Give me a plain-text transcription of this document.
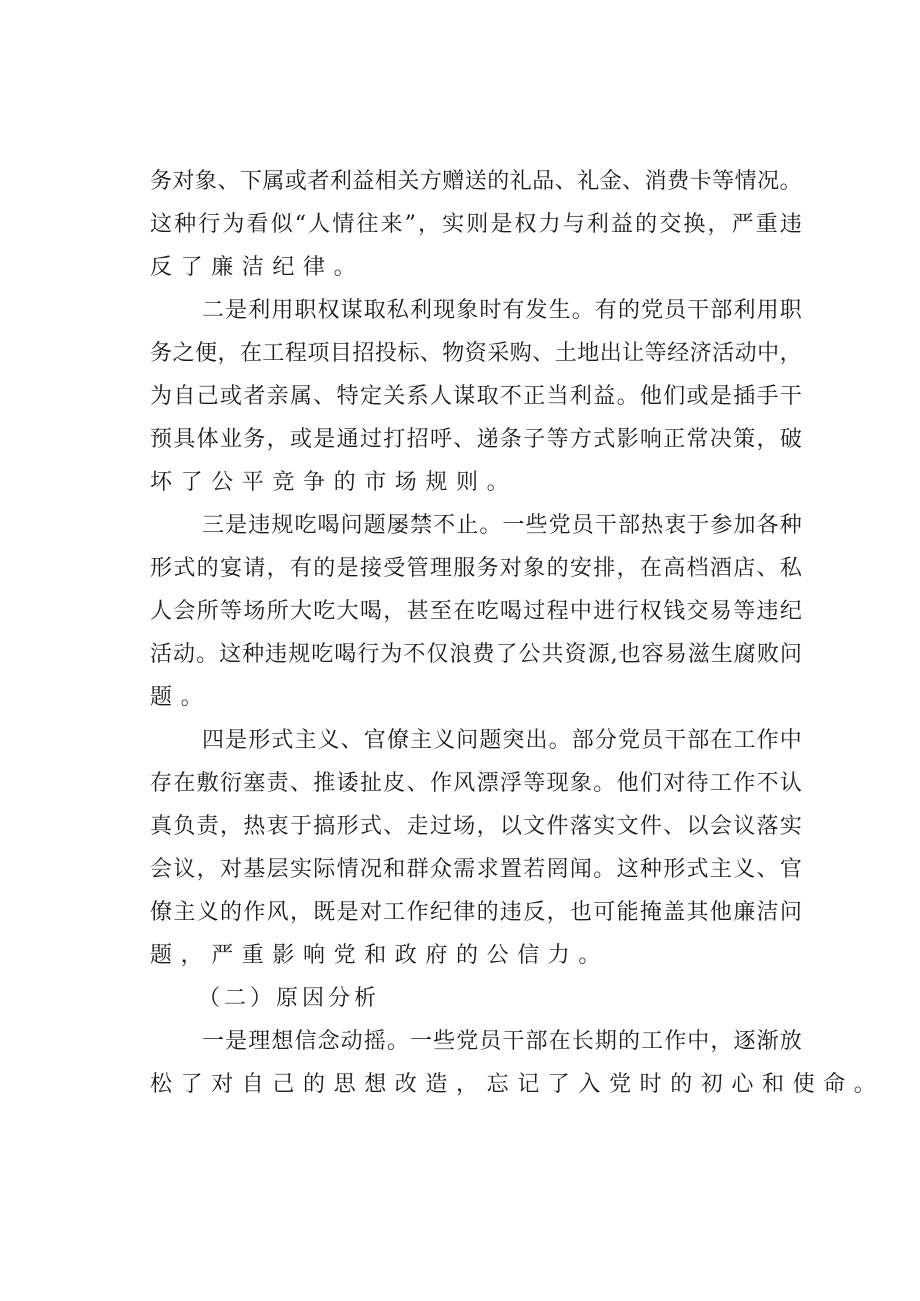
务 对 象 、 下 属 或 者 利 益 相 关 方 赠 送 的 礼 品 、 礼 金 、 消 费 卡 等 情 况 。
这 种 行 为 看 似 “ 人 情 往 来 ” ， 实 则 是 权 力 与 利 益 的 交 换 ， 严 重 违
反了廉洁纪律。
二 是 利 用 职 权 谋 取 私 利 现 象 时 有 发 生 。 有 的 党 员 干 部 利 用 职
务 之 便 ， 在 工 程 项 目 招 投 标 、 物 资 采 购 、 土 地 出 让 等 经 济 活 动 中 ，
为 自 己 或 者 亲 属 、 特 定 关 系 人 谋 取 不 正 当 利 益 。 他 们 或 是 插 手 干
预 具 体 业 务 ， 或 是 通 过 打 招 呼 、 递 条 子 等 方 式 影 响 正 常 决 策 ， 破
坏了公平竞争的市场规则。
三 是 违 规 吃 喝 问 题 屡 禁 不 止 。 一 些 党 员 干 部 热 衷 于 参 加 各 种
形 式 的 宴 请 ， 有 的 是 接 受 管 理 服 务 对 象 的 安 排 ， 在 高 档 酒 店 、 私
人 会 所 等 场 所 大 吃 大 喝 ， 甚 至 在 吃 喝 过 程 中 进 行 权 钱 交 易 等 违 纪
活 动 。 这 种 违 规 吃 喝 行 为 不 仅 浪 费 了 公 共 资 源 , 也 容 易 滋 生 腐 败 问
题。
四 是 形 式 主 义 、 官 僚 主 义 问 题 突 出 。 部 分 党 员 干 部 在 工 作 中
存 在 敷 衍 塞 责 、 推 诿 扯 皮 、 作 风 漂 浮 等 现 象 。 他 们 对 待 工 作 不 认
真 负 责 ， 热 衷 于 搞 形 式 、 走 过 场 ， 以 文 件 落 实 文 件 、 以 会 议 落 实
会 议 ， 对 基 层 实 际 情 况 和 群 众 需 求 置 若 罔 闻 。 这 种 形 式 主 义 、 官
僚 主 义 的 作 风 ， 既 是 对 工 作 纪 律 的 违 反 ， 也 可 能 掩 盖 其 他 廉 洁 问
题，严重影响党和政府的公信力。
（二）原因分析
一 是 理 想 信 念 动 摇 。 一 些 党 员 干 部 在 长 期 的 工 作 中 ， 逐 渐 放
松了对自己的思想改造，忘记了入党时的初心和使命。
